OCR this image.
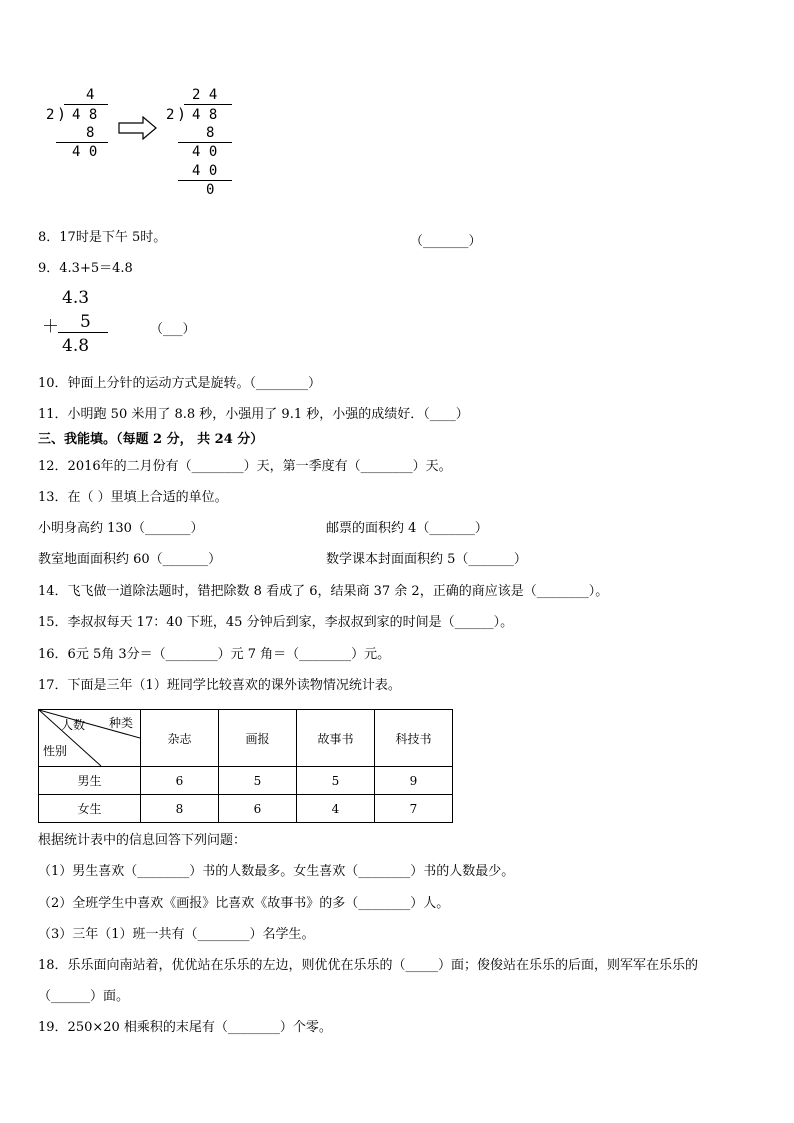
4
2 ) 4 8
8
4 0
2 4
2 ) 4 8
8
4 0
4 0
0
8．17时是下午 5时。	（_______）
9．4.3+5＝4.8
4.3
＋ 5
4.8
（___）
10．钟面上分针的运动方式是旋转。（________）
11．小明跑 50 米用了 8.8 秒，小强用了 9.1 秒，小强的成绩好．（____）
三、我能填。（每题 2 分， 共 24 分）
12．2016年的二月份有（________）天，第一季度有（________）天。
13．在（ ）里填上合适的单位。
小明身高约 130（_______）	邮票的面积约 4（_______）
教室地面面积约 60（_______）	数学课本封面面积约 5（_______）
14．飞飞做一道除法题时，错把除数 8 看成了 6，结果商 37 余 2，正确的商应该是（________）。
15．李叔叔每天 17：40 下班，45 分钟后到家，李叔叔到家的时间是（______）。
16．6元 5角 3分＝（________）元 7 角＝（________）元。
17．下面是三年（1）班同学比较喜欢的课外读物情况统计表。
人数 种类
性别	杂志	画报	故事书	科技书
男生	6	5	5	9
女生	8	6	4	7
根据统计表中的信息回答下列问题：
（1）男生喜欢（________）书的人数最多。女生喜欢（________）书的人数最少。
（2）全班学生中喜欢《画报》比喜欢《故事书》的多（________）人。
（3）三年（1）班一共有（________）名学生。
18．乐乐面向南站着，优优站在乐乐的左边，则优优在乐乐的（_____）面；俊俊站在乐乐的后面，则军军在乐乐的
（______）面。
19．250×20 相乘积的末尾有（________）个零。
